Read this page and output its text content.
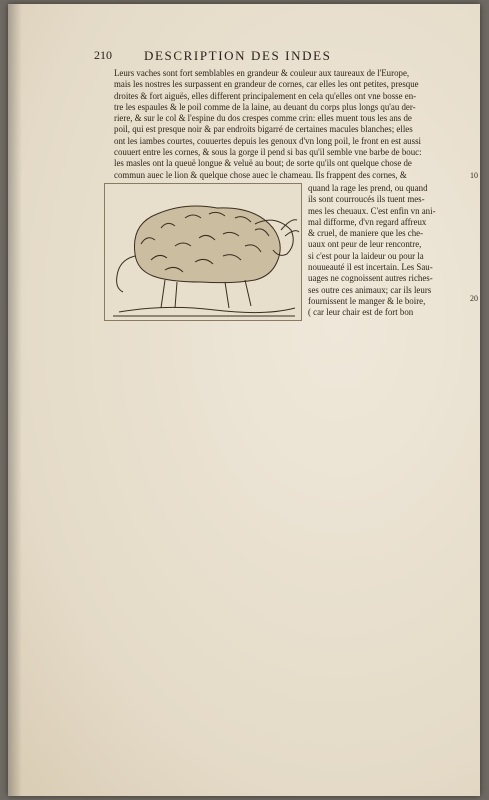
210 DESCRIPTION DES INDES

Leurs vaches sont fort semblables en grandeur & couleur aux taureaux de l'Europe,
mais les nostres les surpassent en grandeur de cornes, car elles les ont petites, presque
droites & fort aiguës, elles different principalement en cela qu'elles ont vne bosse en-
tre les espaules & le poil comme de la laine, au deuant du corps plus longs qu'au der-
riere, & sur le col & l'espine du dos crespes comme crin: elles muent tous les ans de
poil, qui est presque noir & par endroits bigarré de certaines macules blanches; elles
ont les iambes courtes, couuertes depuis les genoux d'vn long poil, le front en est aussi
couuert entre les cornes, & sous la gorge il pend si bas qu'il semble vne barbe de bouc:
les masles ont la queuë longue & veluë au bout; de sorte qu'ils ont quelque chose de
commun auec le lion & quelque chose auec le chameau. Ils frappent des cornes, &

quand la rage les prend, ou quand
ils sont courroucés ils tuent mes-
mes les cheuaux. C'est enfin vn ani-
mal difforme, d'vn regard affreux
& cruel, de maniere que les che-
uaux ont peur de leur rencontre,
si c'est pour la laideur ou pour la
nouueauté il est incertain. Les Sau-
uages ne cognoissent autres riches-
ses outre ces animaux; car ils leurs
fournissent le manger & le boire,
( car leur chair est de fort bon
10
20
